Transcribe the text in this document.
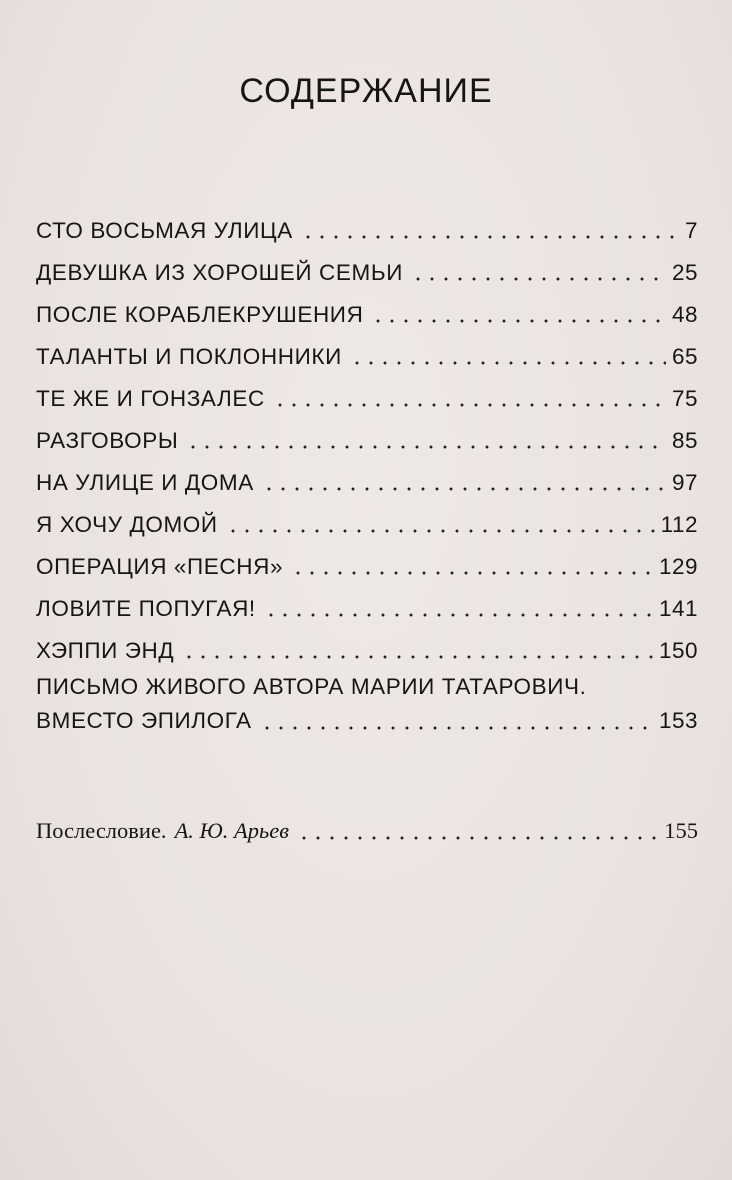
СОДЕРЖАНИЕ
СТО ВОСЬМАЯ УЛИЦА	7
ДЕВУШКА ИЗ ХОРОШЕЙ СЕМЬИ	25
ПОСЛЕ КОРАБЛЕКРУШЕНИЯ	48
ТАЛАНТЫ И ПОКЛОННИКИ	65
ТЕ ЖЕ И ГОНЗАЛЕС	75
РАЗГОВОРЫ	85
НА УЛИЦЕ И ДОМА	97
Я ХОЧУ ДОМОЙ	112
ОПЕРАЦИЯ «ПЕСНЯ»	129
ЛОВИТЕ ПОПУГАЯ!	141
ХЭППИ ЭНД	150
ПИСЬМО ЖИВОГО АВТОРА МАРИИ ТАТАРОВИЧ.
ВМЕСТО ЭПИЛОГА	153
Послесловие. А. Ю. Арьев	155
